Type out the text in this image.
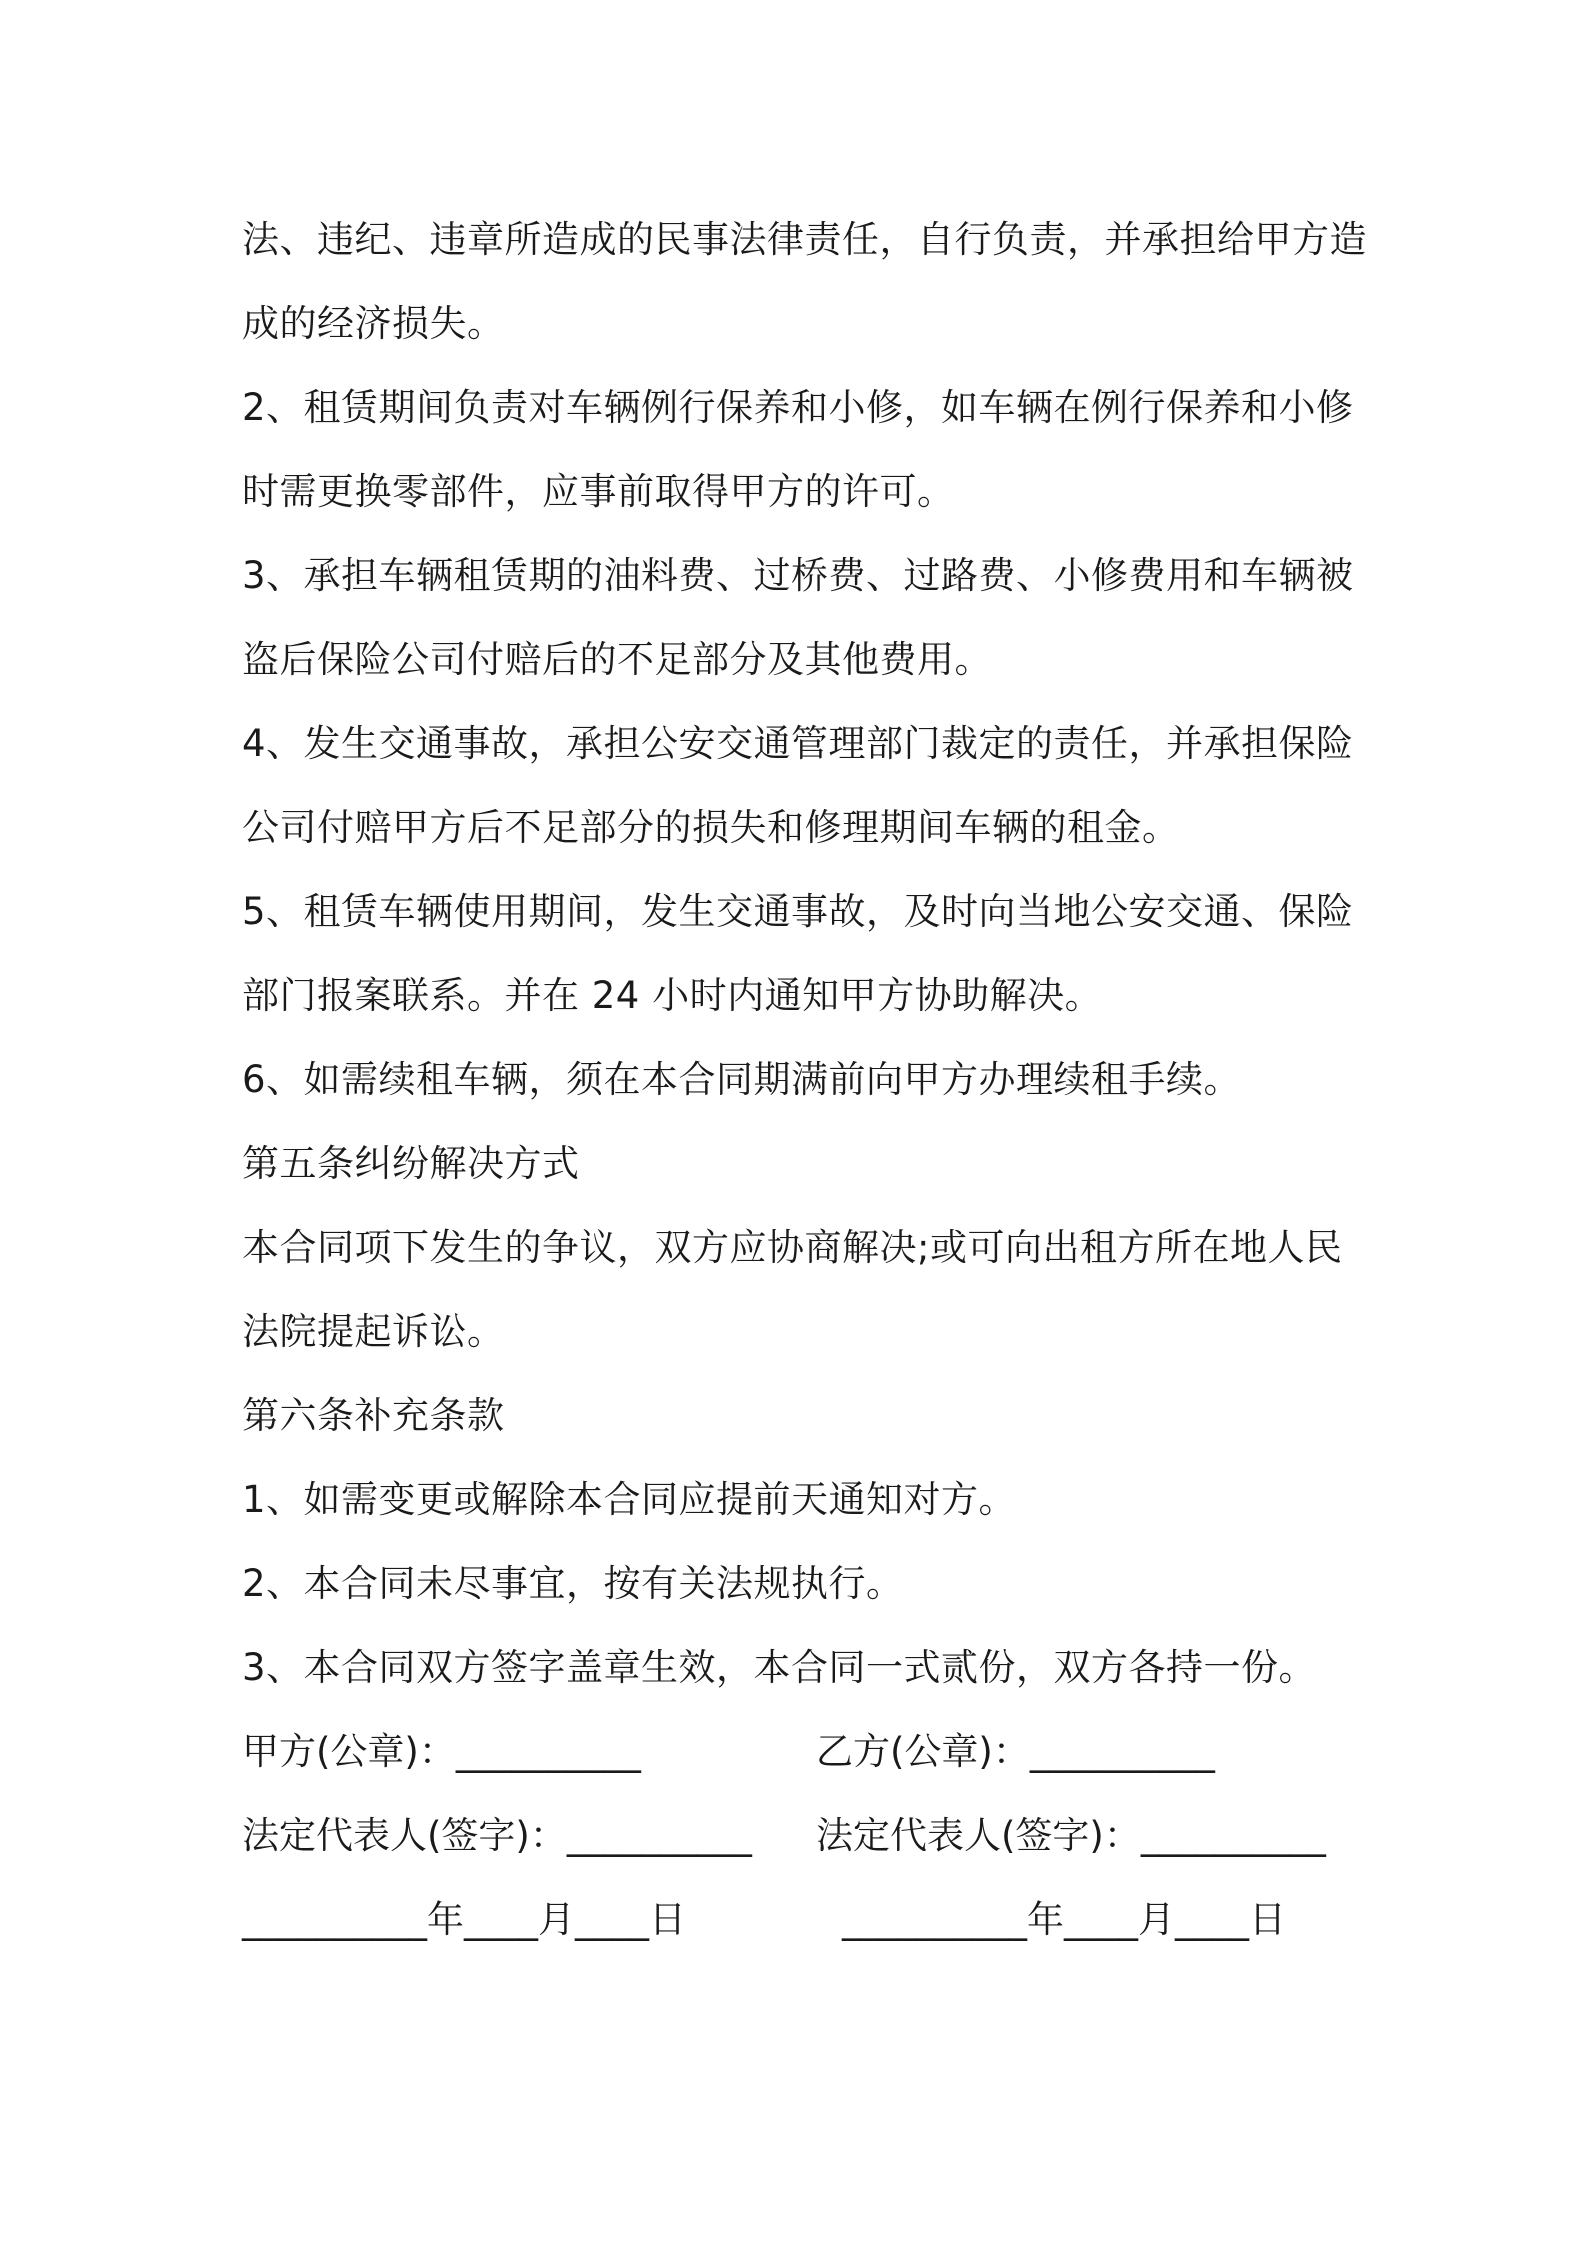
法、违纪、违章所造成的民事法律责任，自行负责，并承担给甲方造
成的经济损失。
2、租赁期间负责对车辆例行保养和小修，如车辆在例行保养和小修
时需更换零部件，应事前取得甲方的许可。
3、承担车辆租赁期的油料费、过桥费、过路费、小修费用和车辆被
盗后保险公司付赔后的不足部分及其他费用。
4、发生交通事故，承担公安交通管理部门裁定的责任，并承担保险
公司付赔甲方后不足部分的损失和修理期间车辆的租金。
5、租赁车辆使用期间，发生交通事故，及时向当地公安交通、保险
部门报案联系。并在 24 小时内通知甲方协助解决。
6、如需续租车辆，须在本合同期满前向甲方办理续租手续。
第五条纠纷解决方式
本合同项下发生的争议，双方应协商解决;或可向出租方所在地人民
法院提起诉讼。
第六条补充条款
1、如需变更或解除本合同应提前天通知对方。
2、本合同未尽事宜，按有关法规执行。
3、本合同双方签字盖章生效，本合同一式贰份，双方各持一份。
甲方(公章)：__________	乙方(公章)：__________
法定代表人(签字)：__________ 法定代表人(签字)：__________
__________年____月____日	__________年____月____日
